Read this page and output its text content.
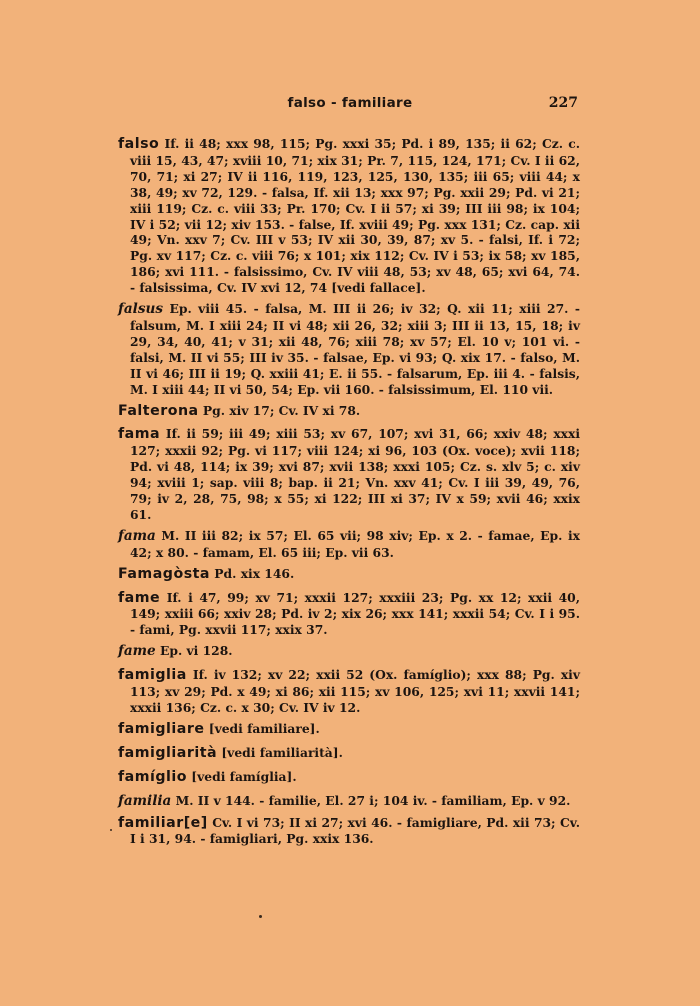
falso - familiare	227

falso If. ii 48; xxx 98, 115; Pg. xxxi 35; Pd. i 89, 135; ii 62; Cz. c. viii 15, 43, 47; xviii 10, 71; xix 31; Pr. 7, 115, 124, 171; Cv. I ii 62, 70, 71; xi 27; IV ii 116, 119, 123, 125, 130, 135; iii 65; viii 44; x 38, 49; xv 72, 129. - falsa, If. xii 13; xxx 97; Pg. xxii 29; Pd. vi 21; xiii 119; Cz. c. viii 33; Pr. 170; Cv. I ii 57; xi 39; III iii 98; ix 104; IV i 52; vii 12; xiv 153. - false, If. xviii 49; Pg. xxx 131; Cz. cap. xii 49; Vn. xxv 7; Cv. III v 53; IV xii 30, 39, 87; xv 5. - falsi, If. i 72; Pg. xv 117; Cz. c. viii 76; x 101; xix 112; Cv. IV i 53; ix 58; xv 185, 186; xvi 111. - falsissimo, Cv. IV viii 48, 53; xv 48, 65; xvi 64, 74. - falsissima, Cv. IV xvi 12, 74 [vedi fallace].

falsus Ep. viii 45. - falsa, M. III ii 26; iv 32; Q. xii 11; xiii 27. - falsum, M. I xiii 24; II vi 48; xii 26, 32; xiii 3; III ii 13, 15, 18; iv 29, 34, 40, 41; v 31; xii 48, 76; xiii 78; xv 57; El. 10 v; 101 vi. - falsi, M. II vi 55; III iv 35. - falsae, Ep. vi 93; Q. xix 17. - falso, M. II vi 46; III ii 19; Q. xxiii 41; E. ii 55. - falsarum, Ep. iii 4. - falsis, M. I xiii 44; II vi 50, 54; Ep. vii 160. - falsissimum, El. 110 vii.

Falterona Pg. xiv 17; Cv. IV xi 78.

fama If. ii 59; iii 49; xiii 53; xv 67, 107; xvi 31, 66; xxiv 48; xxxi 127; xxxii 92; Pg. vi 117; viii 124; xi 96, 103 (Ox. voce); xvii 118; Pd. vi 48, 114; ix 39; xvi 87; xvii 138; xxxi 105; Cz. s. xlv 5; c. xiv 94; xviii 1; sap. viii 8; bap. ii 21; Vn. xxv 41; Cv. I iii 39, 49, 76, 79; iv 2, 28, 75, 98; x 55; xi 122; III xi 37; IV x 59; xvii 46; xxix 61.

fama M. II iii 82; ix 57; El. 65 vii; 98 xiv; Ep. x 2. - famae, Ep. ix 42; x 80. - famam, El. 65 iii; Ep. vii 63.

Famagòsta Pd. xix 146.

fame If. i 47, 99; xv 71; xxxii 127; xxxiii 23; Pg. xx 12; xxii 40, 149; xxiii 66; xxiv 28; Pd. iv 2; xix 26; xxx 141; xxxii 54; Cv. I i 95. - fami, Pg. xxvii 117; xxix 37.

fame Ep. vi 128.

famiglia If. iv 132; xv 22; xxii 52 (Ox. famíglio); xxx 88; Pg. xiv 113; xv 29; Pd. x 49; xi 86; xii 115; xv 106, 125; xvi 11; xxvii 141; xxxii 136; Cz. c. x 30; Cv. IV iv 12.

famigliare [vedi familiare].

famigliarità [vedi familiarità].

famíglio [vedi famíglia].

familia M. II v 144. - familie, El. 27 i; 104 iv. - familiam, Ep. v 92.

familiar[e] Cv. I vi 73; II xi 27; xvi 46. - famigliare, Pd. xii 73; Cv. I i 31, 94. - famigliari, Pg. xxix 136.
